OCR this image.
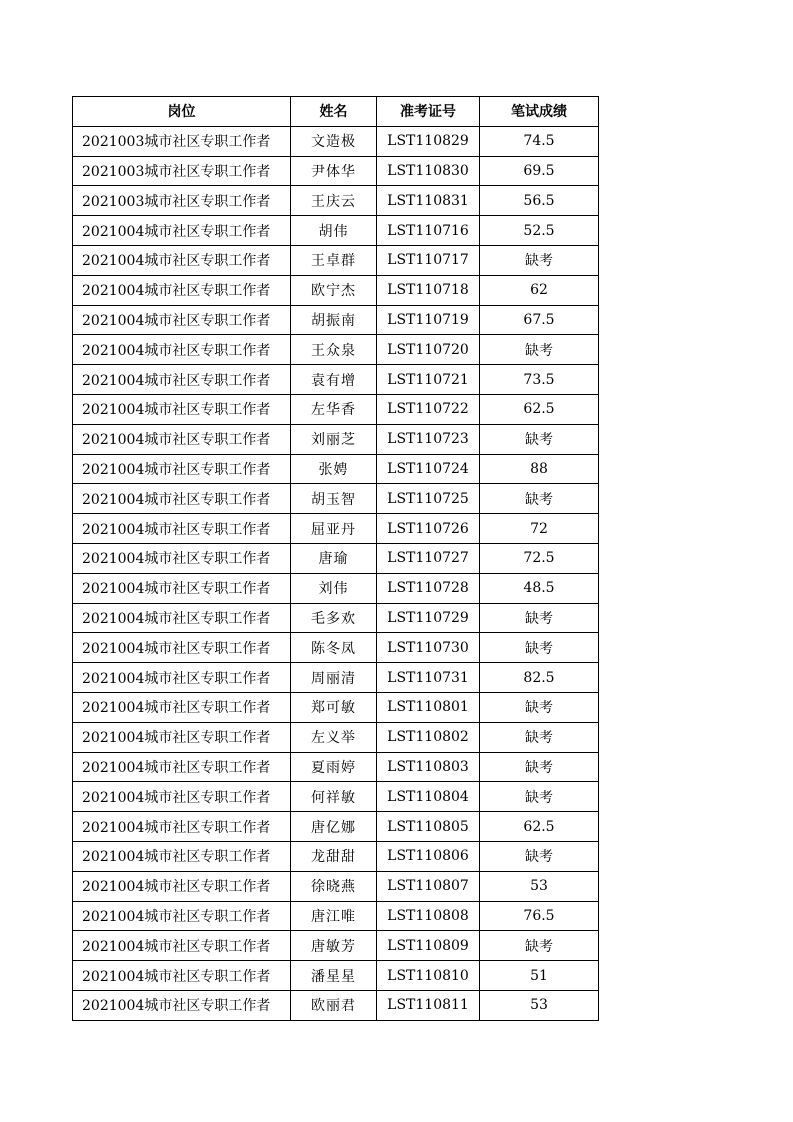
岗位	姓名	准考证号	笔试成绩
2021003城市社区专职工作者	文造极	LST110829	74.5
2021003城市社区专职工作者	尹体华	LST110830	69.5
2021003城市社区专职工作者	王庆云	LST110831	56.5
2021004城市社区专职工作者	胡伟	LST110716	52.5
2021004城市社区专职工作者	王卓群	LST110717	缺考
2021004城市社区专职工作者	欧宁杰	LST110718	62
2021004城市社区专职工作者	胡振南	LST110719	67.5
2021004城市社区专职工作者	王众泉	LST110720	缺考
2021004城市社区专职工作者	袁有增	LST110721	73.5
2021004城市社区专职工作者	左华香	LST110722	62.5
2021004城市社区专职工作者	刘丽芝	LST110723	缺考
2021004城市社区专职工作者	张娉	LST110724	88
2021004城市社区专职工作者	胡玉智	LST110725	缺考
2021004城市社区专职工作者	屈亚丹	LST110726	72
2021004城市社区专职工作者	唐瑜	LST110727	72.5
2021004城市社区专职工作者	刘伟	LST110728	48.5
2021004城市社区专职工作者	毛多欢	LST110729	缺考
2021004城市社区专职工作者	陈冬凤	LST110730	缺考
2021004城市社区专职工作者	周丽清	LST110731	82.5
2021004城市社区专职工作者	郑可敏	LST110801	缺考
2021004城市社区专职工作者	左义举	LST110802	缺考
2021004城市社区专职工作者	夏雨婷	LST110803	缺考
2021004城市社区专职工作者	何祥敏	LST110804	缺考
2021004城市社区专职工作者	唐亿娜	LST110805	62.5
2021004城市社区专职工作者	龙甜甜	LST110806	缺考
2021004城市社区专职工作者	徐晓燕	LST110807	53
2021004城市社区专职工作者	唐江唯	LST110808	76.5
2021004城市社区专职工作者	唐敏芳	LST110809	缺考
2021004城市社区专职工作者	潘星星	LST110810	51
2021004城市社区专职工作者	欧丽君	LST110811	53
